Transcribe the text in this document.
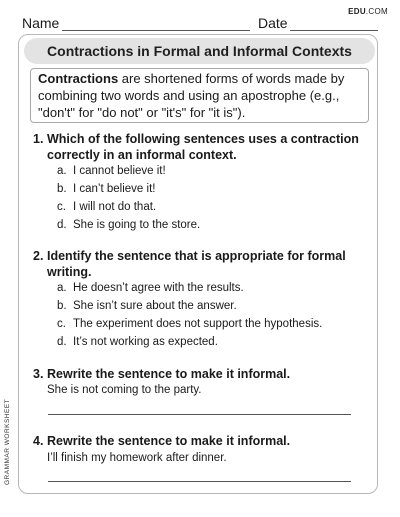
Name	Date
EDU.COM
Contractions in Formal and Informal Contexts
Contractions are shortened forms of words made by
combining two words and using an apostrophe (e.g.,
"don't" for "do not" or "it's" for "it is").
1. Which of the following sentences uses a contraction
correctly in an informal context.
a. I cannot believe it!
b. I can’t believe it!
c. I will not do that.
d. She is going to the store.
2. Identify the sentence that is appropriate for formal
writing.
a. He doesn’t agree with the results.
b. She isn’t sure about the answer.
c. The experiment does not support the hypothesis.
d. It’s not working as expected.
3. Rewrite the sentence to make it informal.
She is not coming to the party.
4. Rewrite the sentence to make it informal.
I’ll finish my homework after dinner.
GRAMMAR WORKSHEET
